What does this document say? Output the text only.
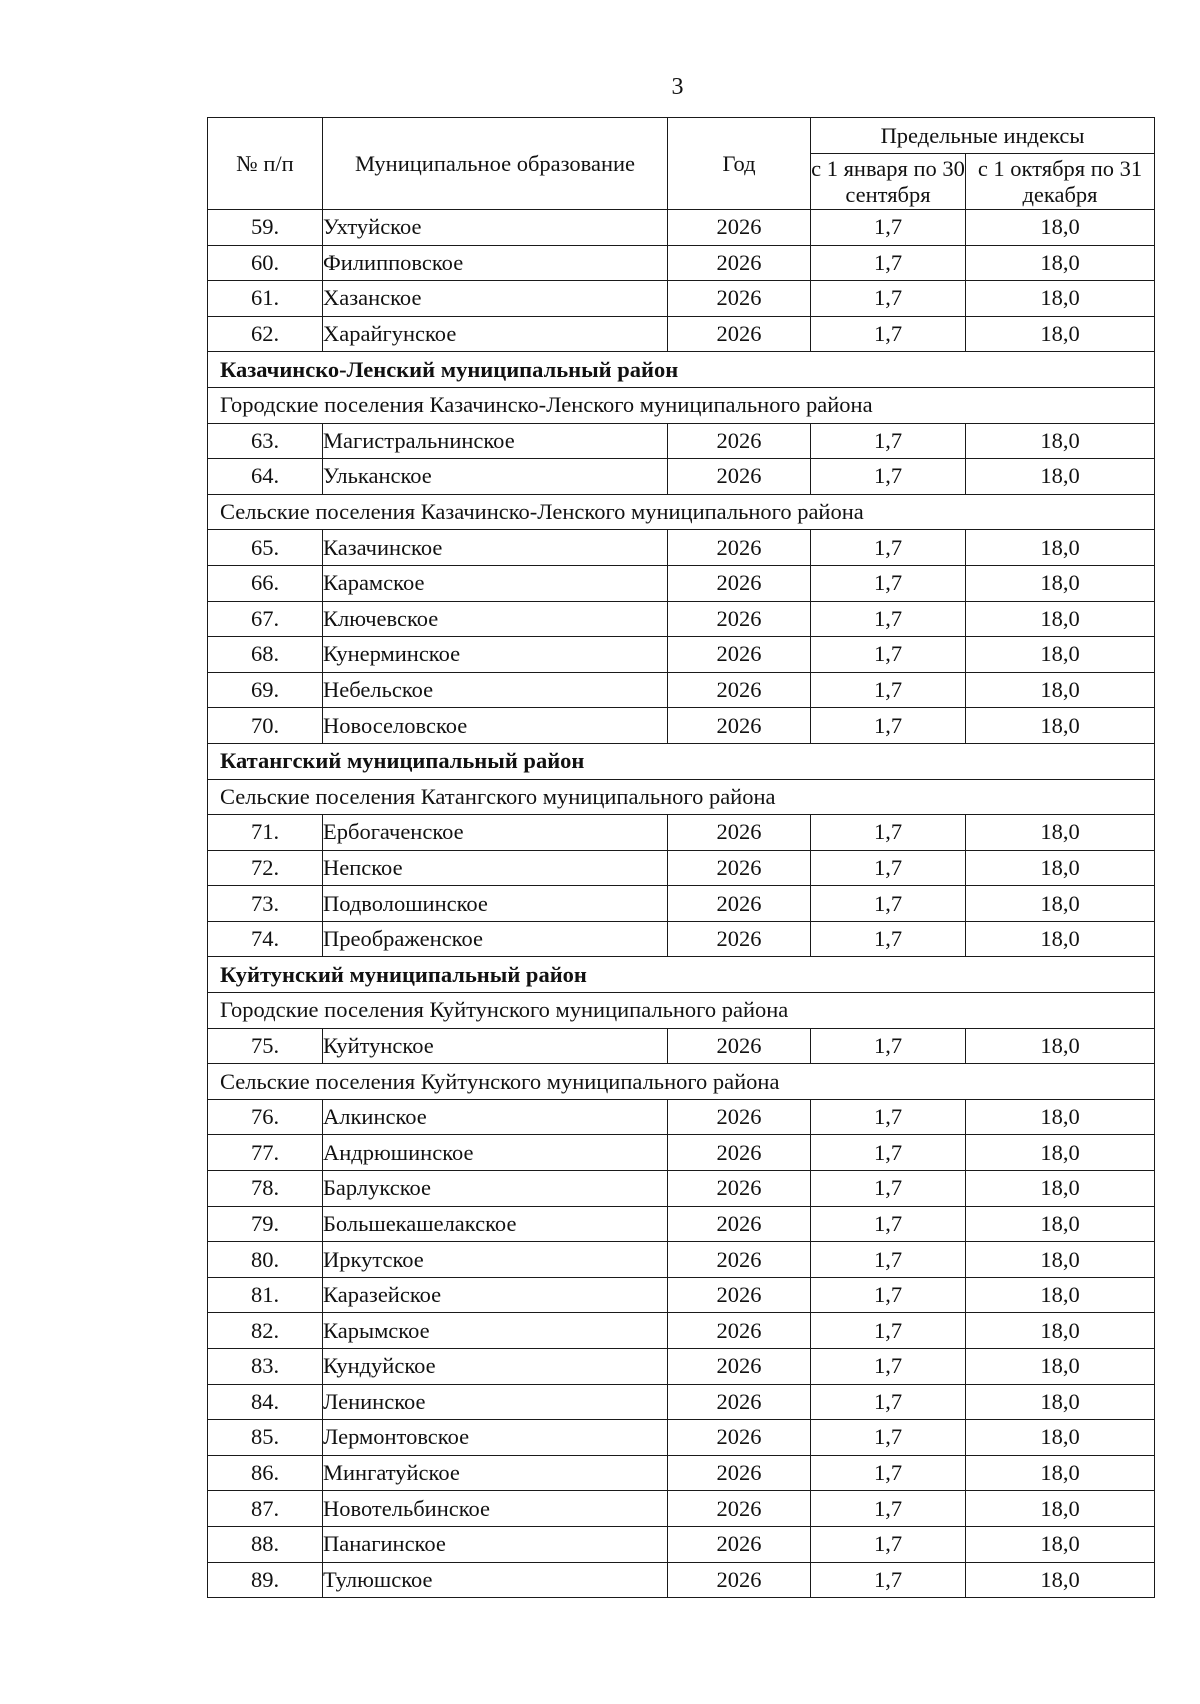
3
№ п/п	Муниципальное образование	Год	Предельные индексы	
			с 1 января по 30 сентября	с 1 октября по 31 декабря
59.	Ухтуйское	2026	1,7	18,0
60.	Филипповское	2026	1,7	18,0
61.	Хазанское	2026	1,7	18,0
62.	Харайгунское	2026	1,7	18,0
Казачинско-Ленский муниципальный район				
Городские поселения Казачинско-Ленского муниципального района				
63.	Магистральнинское	2026	1,7	18,0
64.	Ульканское	2026	1,7	18,0
Сельские поселения Казачинско-Ленского муниципального района				
65.	Казачинское	2026	1,7	18,0
66.	Карамское	2026	1,7	18,0
67.	Ключевское	2026	1,7	18,0
68.	Кунерминское	2026	1,7	18,0
69.	Небельское	2026	1,7	18,0
70.	Новоселовское	2026	1,7	18,0
Катангский муниципальный район				
Сельские поселения Катангского муниципального района				
71.	Ербогаченское	2026	1,7	18,0
72.	Непское	2026	1,7	18,0
73.	Подволошинское	2026	1,7	18,0
74.	Преображенское	2026	1,7	18,0
Куйтунский муниципальный район				
Городские поселения Куйтунского муниципального района				
75.	Куйтунское	2026	1,7	18,0
Сельские поселения Куйтунского муниципального района				
76.	Алкинское	2026	1,7	18,0
77.	Андрюшинское	2026	1,7	18,0
78.	Барлукское	2026	1,7	18,0
79.	Большекашелакское	2026	1,7	18,0
80.	Иркутское	2026	1,7	18,0
81.	Каразейское	2026	1,7	18,0
82.	Карымское	2026	1,7	18,0
83.	Кундуйское	2026	1,7	18,0
84.	Ленинское	2026	1,7	18,0
85.	Лермонтовское	2026	1,7	18,0
86.	Мингатуйское	2026	1,7	18,0
87.	Новотельбинское	2026	1,7	18,0
88.	Панагинское	2026	1,7	18,0
89.	Тулюшское	2026	1,7	18,0
